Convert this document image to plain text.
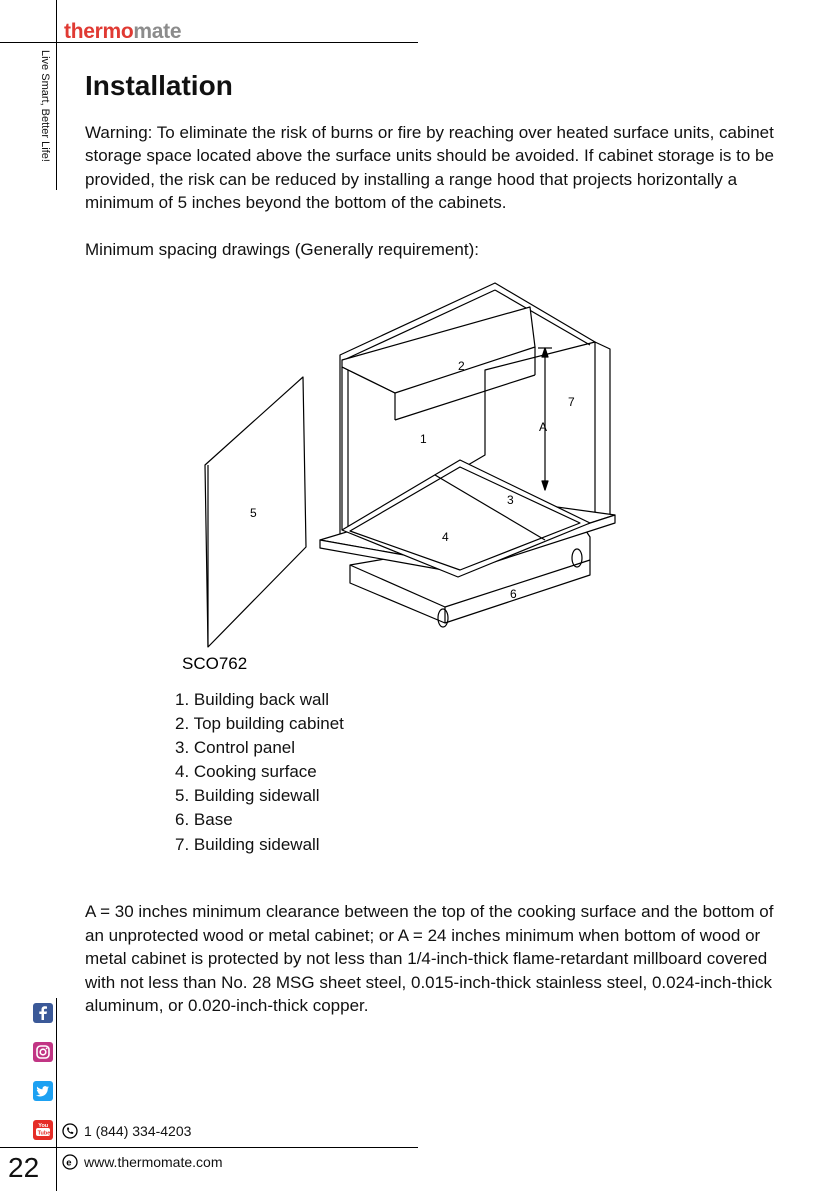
thermomate
Live Smart, Better Life! Installation

Warning: To eliminate the risk of burns or fire by reaching over heated surface units, cabinet storage space located above the surface units should be avoided. If cabinet storage is to be provided, the risk can be reduced by installing a range hood that projects horizontally a minimum of 5 inches beyond the bottom of the cabinets.

Minimum spacing drawings (Generally requirement):

1
2
3
4
5
6
7
A
SCO762
1. Building back wall
2. Top building cabinet
3. Control panel
4. Cooking surface
5. Building sidewall
6. Base
7. Building sidewall

A = 30 inches minimum clearance between the top of the cooking surface and the bottom of an unprotected wood or metal cabinet; or A = 24 inches minimum when bottom of wood or metal cabinet is protected by not less than 1/4-inch-thick flame-retardant millboard covered with not less than No. 28 MSG sheet steel, 0.015-inch-thick stainless steel, 0.024-inch-thick aluminum, or 0.020-inch-thick copper.

You
Tube 1 (844) 334-4203
e www.thermomate.com
22
